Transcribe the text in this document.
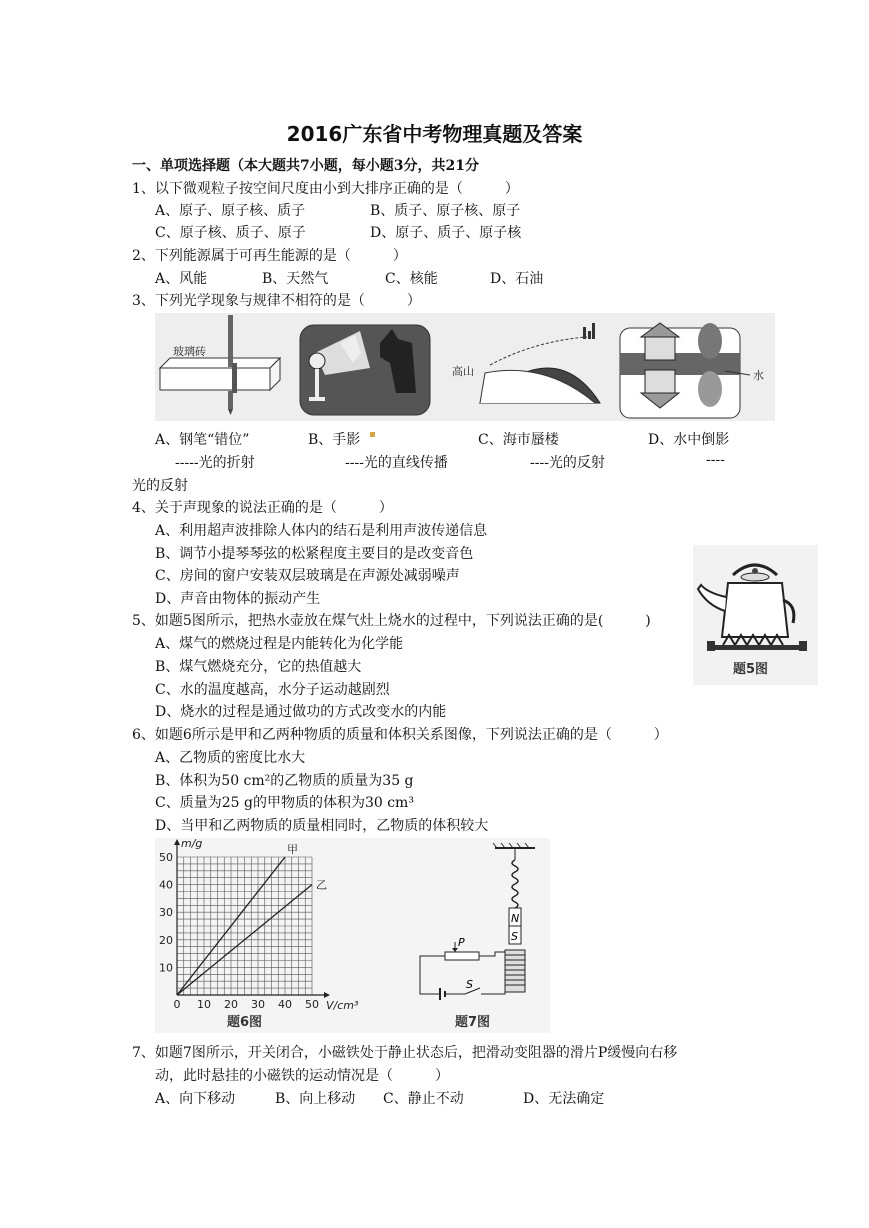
2016广东省中考物理真题及答案
一、单项选择题（本大题共7小题，每小题3分，共21分
1、以下微观粒子按空间尺度由小到大排序正确的是（　　　）
A、原子、原子核、质子	B、质子、原子核、原子
C、原子核、质子、原子	D、原子、质子、原子核
2、下列能源属于可再生能源的是（　　　）
A、风能	B、天然气	C、核能	D、石油
3、下列光学现象与规律不相符的是（　　　）
玻璃砖
高山	水
A、钢笔“错位”	B、手影	C、海市蜃楼	D、水中倒影
-----光的折射	----光的直线传播	----光的反射	----
光的反射
4、关于声现象的说法正确的是（　　　）
A、利用超声波排除人体内的结石是利用声波传递信息
B、调节小提琴琴弦的松紧程度主要目的是改变音色
C、房间的窗户安装双层玻璃是在声源处减弱噪声
D、声音由物体的振动产生
题5图
5、如题5图所示，把热水壶放在煤气灶上烧水的过程中，下列说法正确的是(　　　)
A、煤气的燃烧过程是内能转化为化学能
B、煤气燃烧充分，它的热值越大
C、水的温度越高，水分子运动越剧烈
D、烧水的过程是通过做功的方式改变水的内能
6、如题6所示是甲和乙两种物质的质量和体积关系图像，下列说法正确的是（　　　）
A、乙物质的密度比水大
B、体积为50 cm²的乙物质的质量为35 g
C、质量为25 g的甲物质的体积为30 cm³
D、当甲和乙两物质的质量相同时，乙物质的体积较大
0 10 20 30 40 50
10
20
30
40
50
m/g
V/cm³
甲
乙
题6图
N
S
P
S
题7图
7、如题7图所示，开关闭合，小磁铁处于静止状态后，把滑动变阻器的滑片P缓慢向右移
动，此时悬挂的小磁铁的运动情况是（　　　）
A、向下移动	B、向上移动 C、静止不动	D、无法确定
